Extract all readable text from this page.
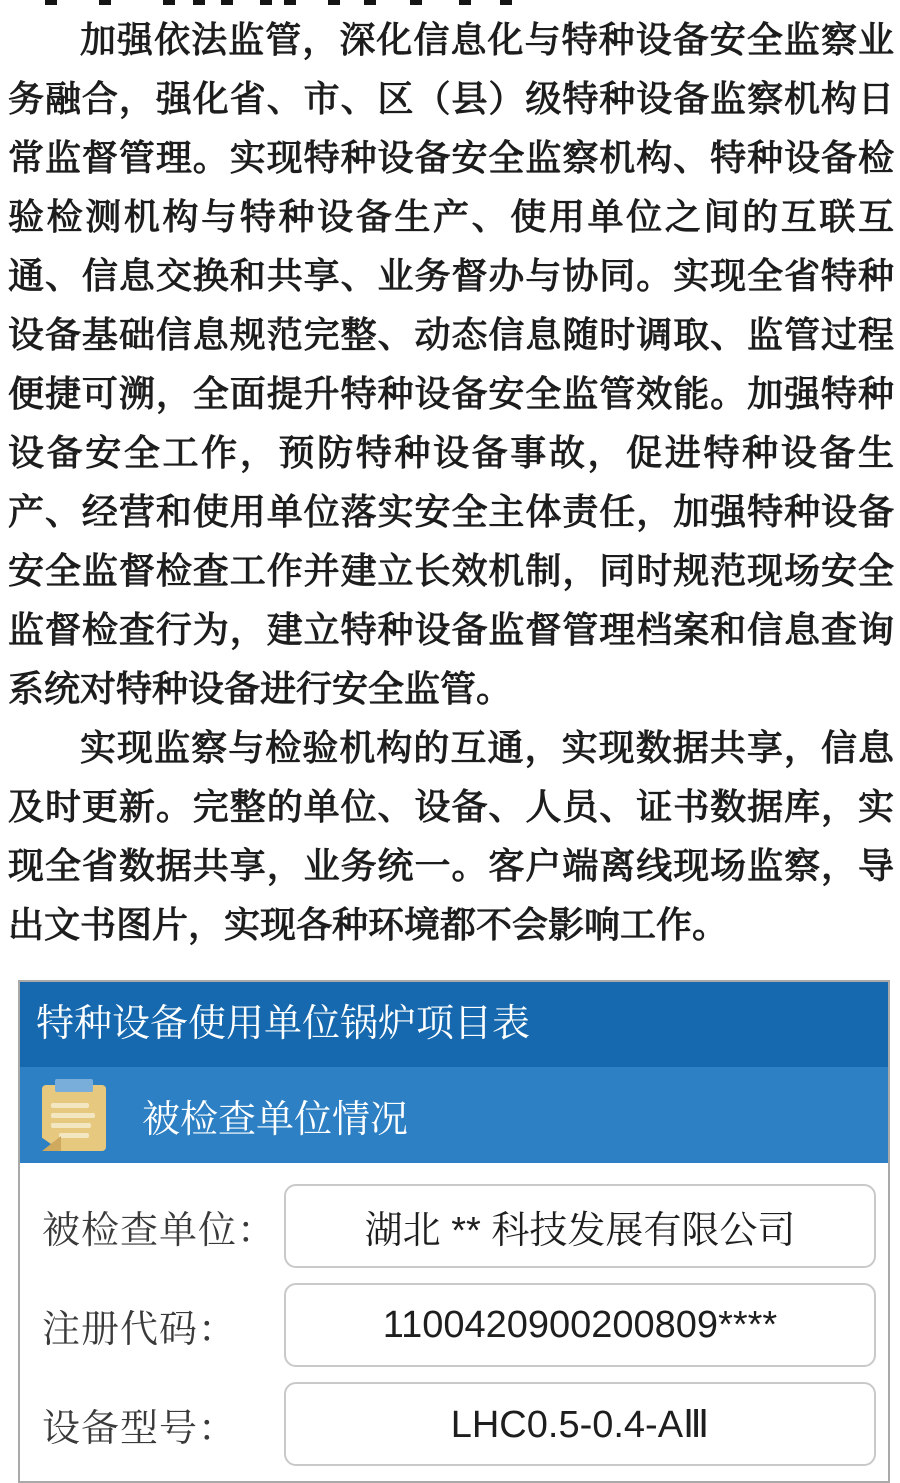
加强依法监管，深化信息化与特种设备安全监察业务融合，强化省、市、区（县）级特种设备监察机构日常监督管理。实现特种设备安全监察机构、特种设备检验检测机构与特种设备生产、使用单位之间的互联互通、信息交换和共享、业务督办与协同。实现全省特种设备基础信息规范完整、动态信息随时调取、监管过程便捷可溯，全面提升特种设备安全监管效能。加强特种设备安全工作，预防特种设备事故，促进特种设备生产、经营和使用单位落实安全主体责任，加强特种设备安全监督检查工作并建立长效机制，同时规范现场安全监督检查行为，建立特种设备监督管理档案和信息查询系统对特种设备进行安全监管。

实现监察与检验机构的互通，实现数据共享，信息及时更新。完整的单位、设备、人员、证书数据库，实现全省数据共享，业务统一。客户端离线现场监察，导出文书图片，实现各种环境都不会影响工作。

特种设备使用单位锅炉项目表
被检查单位情况
被检查单位：	湖北 ** 科技发展有限公司
注册代码：	1100420900200809****
设备型号：	LHC0.5-0.4-AⅢ
